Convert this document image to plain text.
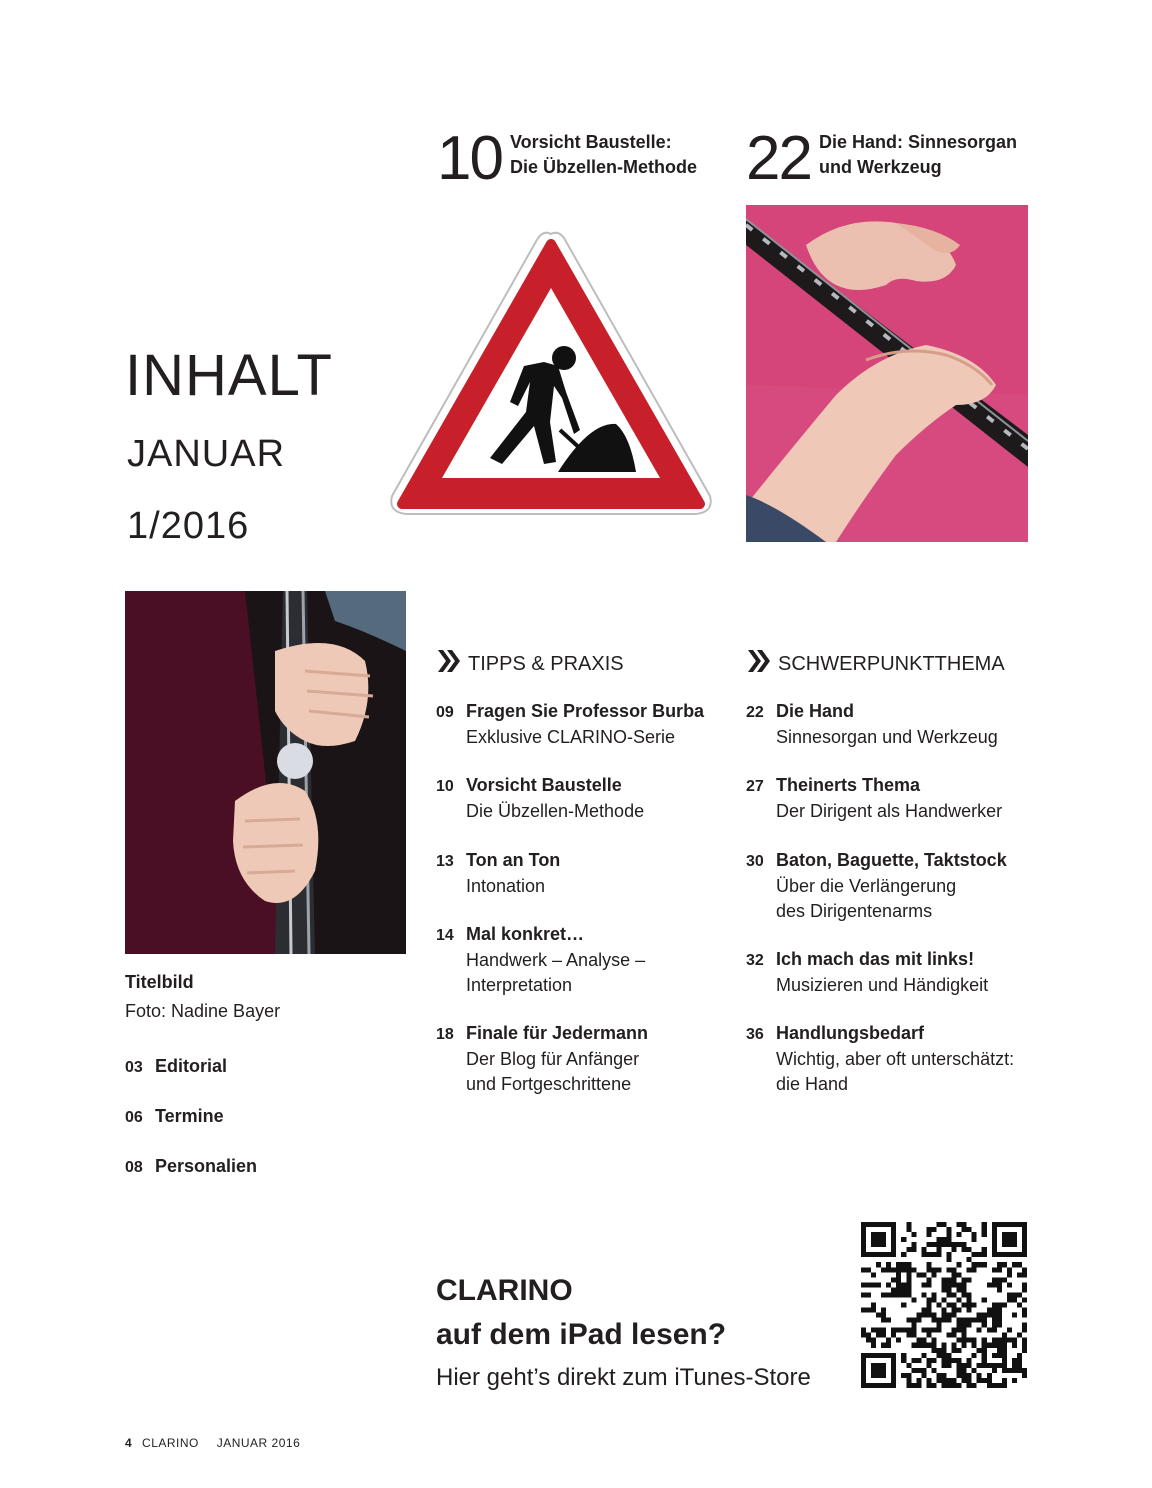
10 Vorsicht Baustelle:
Die Übzellen-Methode 22 Die Hand: Sinnesorgan
und Werkzeug
INHALT
JANUAR
1/2016
Titelbild
Foto: Nadine Bayer
03 Editorial
06 Termine
08 Personalien
TIPPS & PRAXIS
09 Fragen Sie Professor Burba
Exklusive CLARINO-Serie
10 Vorsicht Baustelle
Die Übzellen-Methode
13 Ton an Ton
Intonation
14 Mal konkret…
Handwerk – Analyse –
Interpretation
18 Finale für Jedermann
Der Blog für Anfänger
und Fortgeschrittene
SCHWERPUNKTTHEMA
22 Die Hand
Sinnesorgan und Werkzeug
27 Theinerts Thema
Der Dirigent als Handwerker
30 Baton, Baguette, Taktstock
Über die Verlängerung
des Dirigentenarms
32 Ich mach das mit links!
Musizieren und Händigkeit
36 Handlungsbedarf
Wichtig, aber oft unterschätzt:
die Hand
CLARINO
auf dem iPad lesen?
Hier geht’s direkt zum iTunes-Store
4 CLARINO JANUAR 2016
